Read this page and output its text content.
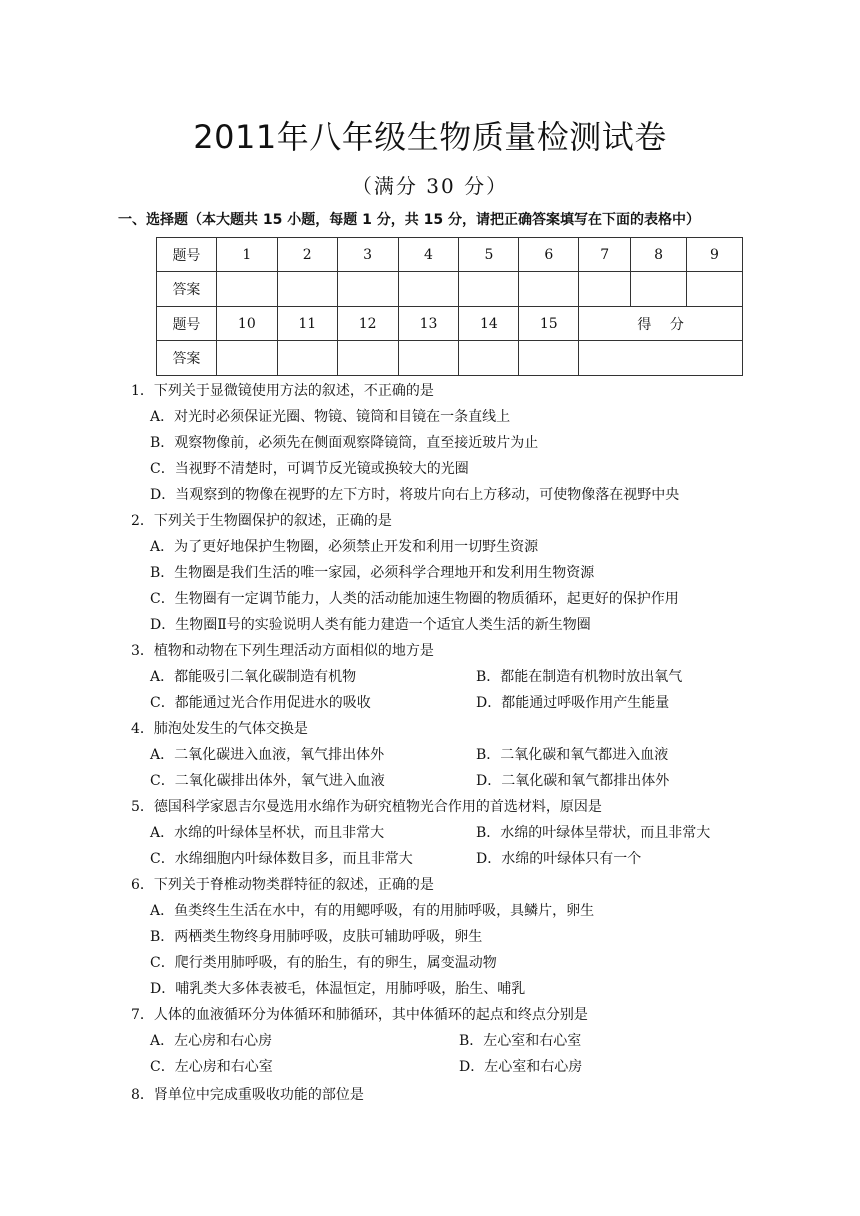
2011年八年级生物质量检测试卷
（满分 30 分）
一、选择题（本大题共 15 小题，每题 1 分，共 15 分，请把正确答案填写在下面的表格中）
题号	1	2	3	4	5	6	7	8	9
答案									
题号	10	11	12	13	14	15	得　 分		
答案									
1．下列关于显微镜使用方法的叙述，不正确的是
A．对光时必须保证光圈、物镜、镜筒和目镜在一条直线上
B．观察物像前，必须先在侧面观察降镜筒，直至接近玻片为止
C．当视野不清楚时，可调节反光镜或换较大的光圈
D．当观察到的物像在视野的左下方时，将玻片向右上方移动，可使物像落在视野中央
2．下列关于生物圈保护的叙述，正确的是
A．为了更好地保护生物圈，必须禁止开发和利用一切野生资源
B．生物圈是我们生活的唯一家园，必须科学合理地开和发利用生物资源
C．生物圈有一定调节能力，人类的活动能加速生物圈的物质循环，起更好的保护作用
D．生物圈Ⅱ号的实验说明人类有能力建造一个适宜人类生活的新生物圈
3．植物和动物在下列生理活动方面相似的地方是
A．都能吸引二氧化碳制造有机物	B．都能在制造有机物时放出氧气
C．都能通过光合作用促进水的吸收	D．都能通过呼吸作用产生能量
4．肺泡处发生的气体交换是
A．二氧化碳进入血液，氧气排出体外	B．二氧化碳和氧气都进入血液
C．二氧化碳排出体外，氧气进入血液	D．二氧化碳和氧气都排出体外
5．德国科学家恩吉尔曼选用水绵作为研究植物光合作用的首选材料，原因是
A．水绵的叶绿体呈杯状，而且非常大	B．水绵的叶绿体呈带状，而且非常大
C．水绵细胞内叶绿体数目多，而且非常大	D．水绵的叶绿体只有一个
6．下列关于脊椎动物类群特征的叙述，正确的是
A．鱼类终生生活在水中，有的用鳃呼吸，有的用肺呼吸，具鳞片，卵生
B．两栖类生物终身用肺呼吸，皮肤可辅助呼吸，卵生
C．爬行类用肺呼吸，有的胎生，有的卵生，属变温动物
D．哺乳类大多体表被毛，体温恒定，用肺呼吸，胎生、哺乳
7．人体的血液循环分为体循环和肺循环，其中体循环的起点和终点分别是
A．左心房和右心房	B．左心室和右心室
C．左心房和右心室	D．左心室和右心房
8．肾单位中完成重吸收功能的部位是
